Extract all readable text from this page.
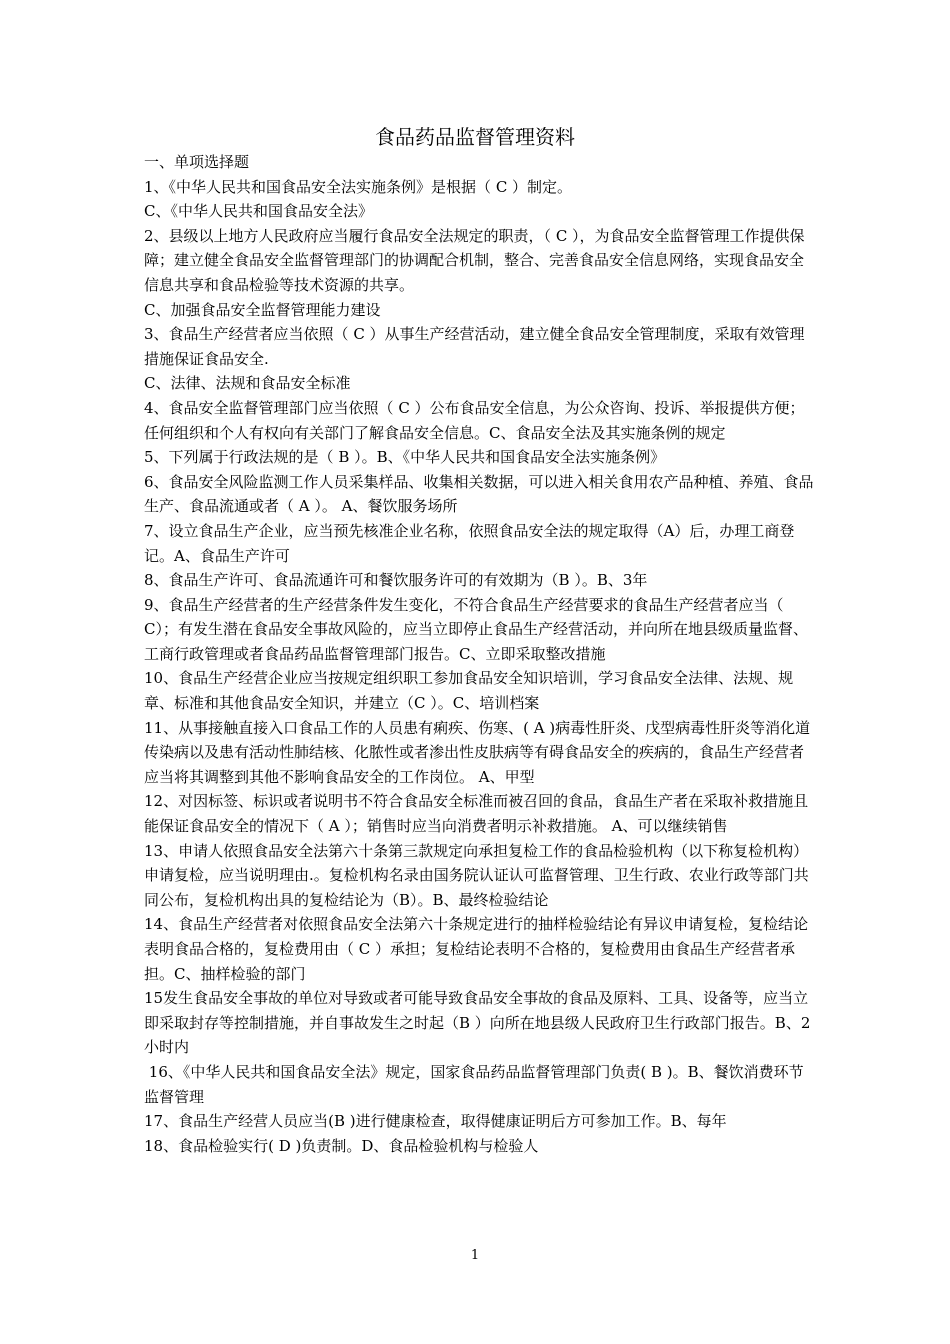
食品药品监督管理资料

一、单项选择题

1、《中华人民共和国食品安全法实施条例》是根据（ C ）制定。

C、《中华人民共和国食品安全法》

2、县级以上地方人民政府应当履行食品安全法规定的职责，（ C ），为食品安全监督管理工作提供保障；建立健全食品安全监督管理部门的协调配合机制，整合、完善食品安全信息网络，实现食品安全信息共享和食品检验等技术资源的共享。

C、加强食品安全监督管理能力建设

3、食品生产经营者应当依照（ C ）从事生产经营活动，建立健全食品安全管理制度，采取有效管理措施保证食品安全.

C、法律、法规和食品安全标准

4、食品安全监督管理部门应当依照（ C ）公布食品安全信息，为公众咨询、投诉、举报提供方便；任何组织和个人有权向有关部门了解食品安全信息。C、食品安全法及其实施条例的规定

5、下列属于行政法规的是（ B ）。B、《中华人民共和国食品安全法实施条例》

6、食品安全风险监测工作人员采集样品、收集相关数据，可以进入相关食用农产品种植、养殖、食品生产、食品流通或者（ A ）。 A、餐饮服务场所

7、设立食品生产企业，应当预先核准企业名称，依照食品安全法的规定取得（A）后，办理工商登记。A、食品生产许可

8、食品生产许可、食品流通许可和餐饮服务许可的有效期为（B ）。B、3年

9、食品生产经营者的生产经营条件发生变化，不符合食品生产经营要求的食品生产经营者应当（ C）；有发生潜在食品安全事故风险的，应当立即停止食品生产经营活动，并向所在地县级质量监督、工商行政管理或者食品药品监督管理部门报告。C、立即采取整改措施

10、食品生产经营企业应当按规定组织职工参加食品安全知识培训，学习食品安全法律、法规、规章、标准和其他食品安全知识，并建立（C ）。C、培训档案

11、从事接触直接入口食品工作的人员患有痢疾、伤寒、( A )病毒性肝炎、戊型病毒性肝炎等消化道传染病以及患有活动性肺结核、化脓性或者渗出性皮肤病等有碍食品安全的疾病的，食品生产经营者应当将其调整到其他不影响食品安全的工作岗位。 A、甲型

12、对因标签、标识或者说明书不符合食品安全标准而被召回的食品，食品生产者在采取补救措施且能保证食品安全的情况下（ A ）；销售时应当向消费者明示补救措施。 A、可以继续销售

13、申请人依照食品安全法第六十条第三款规定向承担复检工作的食品检验机构（以下称复检机构）申请复检，应当说明理由.。复检机构名录由国务院认证认可监督管理、卫生行政、农业行政等部门共同公布，复检机构出具的复检结论为（B）。B、最终检验结论

14、食品生产经营者对依照食品安全法第六十条规定进行的抽样检验结论有异议申请复检，复检结论表明食品合格的，复检费用由（ C ）承担；复检结论表明不合格的，复检费用由食品生产经营者承担。C、抽样检验的部门

15发生食品安全事故的单位对导致或者可能导致食品安全事故的食品及原料、工具、设备等，应当立即采取封存等控制措施，并自事故发生之时起（B ）向所在地县级人民政府卫生行政部门报告。B、2小时内

16、《中华人民共和国食品安全法》规定，国家食品药品监督管理部门负责( B )。B、餐饮消费环节监督管理

17、食品生产经营人员应当(B )进行健康检查，取得健康证明后方可参加工作。B、每年

18、食品检验实行( D )负责制。D、食品检验机构与检验人

1
